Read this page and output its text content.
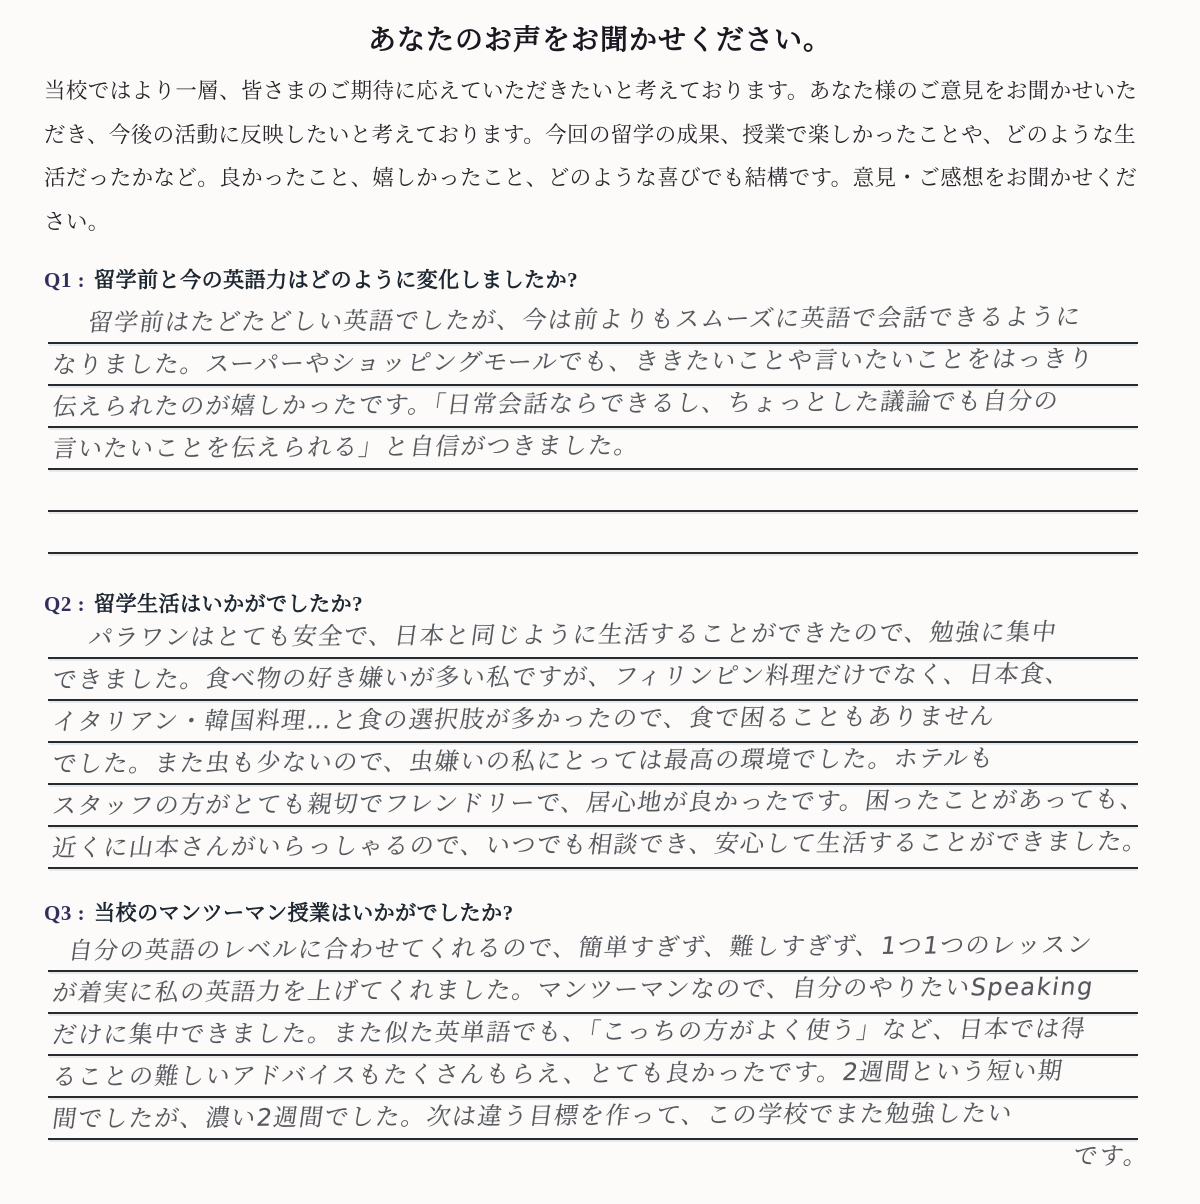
あなたのお声をお聞かせください。
当校ではより一層、皆さまのご期待に応えていただきたいと考えております。あなた様のご意見をお聞かせいた
だき、今後の活動に反映したいと考えております。今回の留学の成果、授業で楽しかったことや、どのような生
活だったかなど。良かったこと、嬉しかったこと、どのような喜びでも結構です。意見・ご感想をお聞かせくだ
さい。
Q1 : 留学前と今の英語力はどのように変化しましたか?
留学前はたどたどしい英語でしたが、今は前よりもスムーズに英語で会話できるように
なりました。スーパーやショッピングモールでも、ききたいことや言いたいことをはっきり
伝えられたのが嬉しかったです。「日常会話ならできるし、ちょっとした議論でも自分の
言いたいことを伝えられる」と自信がつきました。
Q2 : 留学生活はいかがでしたか?
パラワンはとても安全で、日本と同じように生活することができたので、勉強に集中
できました。食べ物の好き嫌いが多い私ですが、フィリンピン料理だけでなく、日本食、
イタリアン・韓国料理…と食の選択肢が多かったので、食で困ることもありません
でした。また虫も少ないので、虫嫌いの私にとっては最高の環境でした。ホテルも
スタッフの方がとても親切でフレンドリーで、居心地が良かったです。困ったことがあっても、
近くに山本さんがいらっしゃるので、いつでも相談でき、安心して生活することができました。
Q3 : 当校のマンツーマン授業はいかがでしたか?
自分の英語のレベルに合わせてくれるので、簡単すぎず、難しすぎず、1つ1つのレッスン
が着実に私の英語力を上げてくれました。マンツーマンなので、自分のやりたいSpeaking
だけに集中できました。また似た英単語でも、「こっちの方がよく使う」など、日本では得
ることの難しいアドバイスもたくさんもらえ、とても良かったです。2週間という短い期
間でしたが、濃い2週間でした。次は違う目標を作って、この学校でまた勉強したい
です。
